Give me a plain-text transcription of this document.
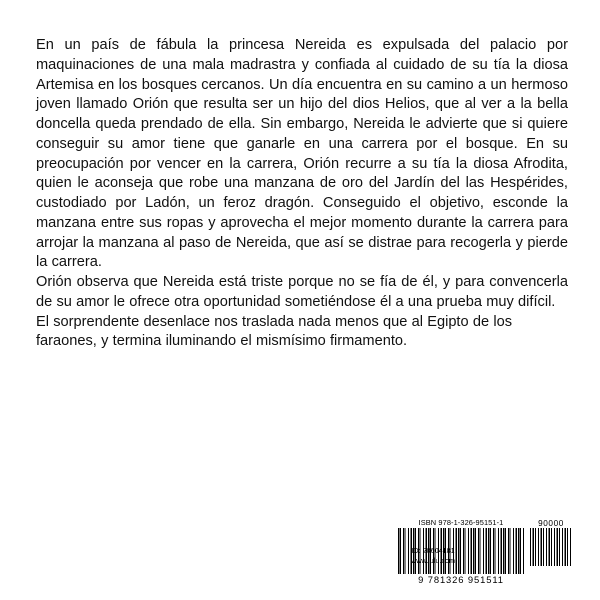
En un país de fábula la princesa Nereida es expulsada del palacio por maquinaciones de una mala madrastra y confiada al cuidado de su tía la diosa Artemisa en los bosques cercanos. Un día encuentra en su camino a un hermoso joven llamado Orión que resulta ser un hijo del dios Helios, que al ver a la bella doncella queda prendado de ella. Sin embargo, Nereida le advierte que si quiere conseguir su amor tiene que ganarle en una carrera por el bosque. En su preocupación por vencer en la carrera, Orión recurre a su tía la diosa Afrodita, quien le aconseja que robe una manzana de oro del Jardín del las Hespérides, custodiado por Ladón, un feroz dragón. Conseguido el objetivo, esconde la manzana entre sus ropas y aprovecha el mejor momento durante la carrera para arrojar la manzana al paso de Nereida, que así se distrae para recogerla y pierde la carrera.

Orión observa que Nereida está triste porque no se fía de él, y para convencerla de su amor le ofrece otra oportunidad sometiéndose él a una prueba muy difícil.

El sorprendente desenlace nos traslada nada menos que al Egipto de los faraones, y termina iluminando el mismísimo firmamento.

ISBN 978-1-326-95151-1	90000
9 781326 951511
ID: 20604181
www.lulu.com
